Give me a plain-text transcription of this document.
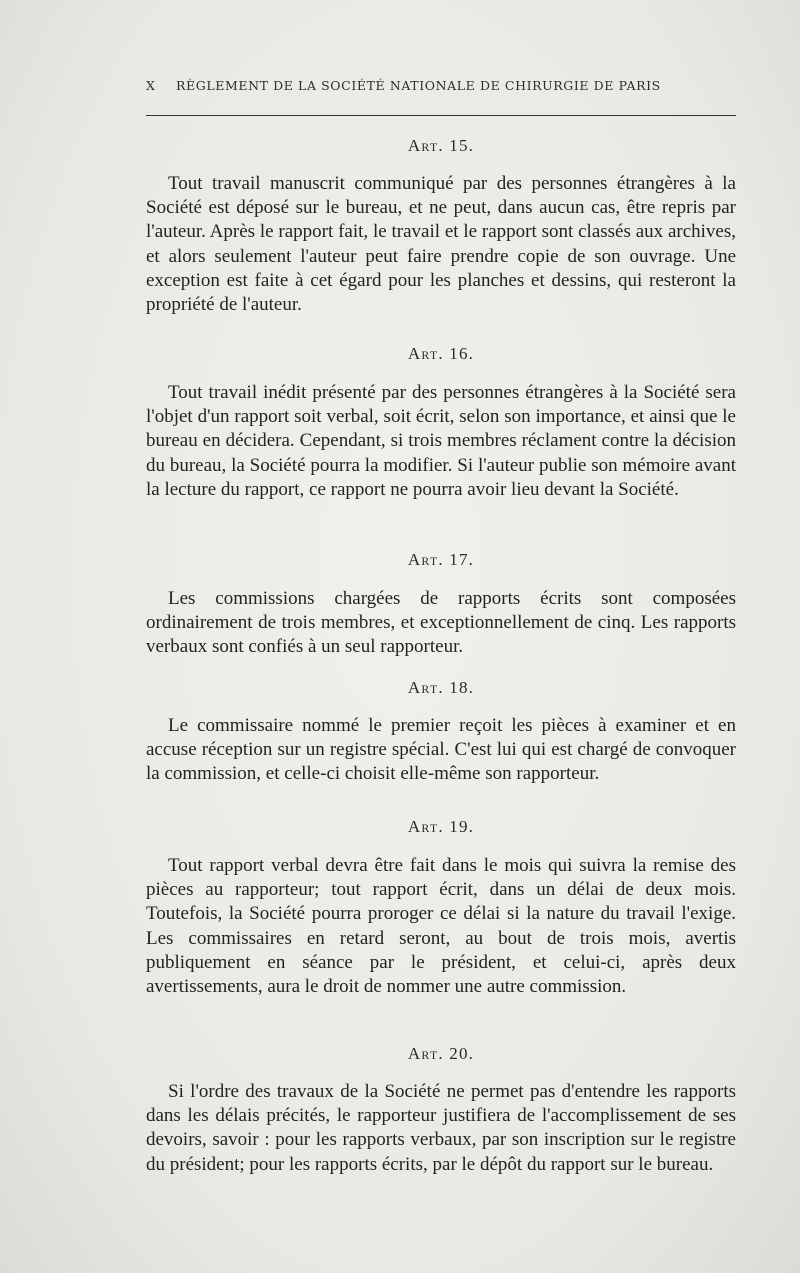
X RÈGLEMENT DE LA SOCIÉTÉ NATIONALE DE CHIRURGIE DE PARIS
Art. 15.

Tout travail manuscrit communiqué par des personnes étrangères à la Société est déposé sur le bureau, et ne peut, dans aucun cas, être repris par l'auteur. Après le rapport fait, le travail et le rapport sont classés aux archives, et alors seulement l'auteur peut faire prendre copie de son ouvrage. Une exception est faite à cet égard pour les planches et dessins, qui resteront la propriété de l'auteur.

Art. 16.

Tout travail inédit présenté par des personnes étrangères à la Société sera l'objet d'un rapport soit verbal, soit écrit, selon son importance, et ainsi que le bureau en décidera. Cependant, si trois membres réclament contre la décision du bureau, la Société pourra la modifier. Si l'auteur publie son mémoire avant la lecture du rapport, ce rapport ne pourra avoir lieu devant la Société.

Art. 17.

Les commissions chargées de rapports écrits sont composées ordinairement de trois membres, et exceptionnellement de cinq. Les rapports verbaux sont confiés à un seul rapporteur.

Art. 18.

Le commissaire nommé le premier reçoit les pièces à examiner et en accuse réception sur un registre spécial. C'est lui qui est chargé de convoquer la commission, et celle-ci choisit elle-même son rapporteur.

Art. 19.

Tout rapport verbal devra être fait dans le mois qui suivra la remise des pièces au rapporteur; tout rapport écrit, dans un délai de deux mois. Toutefois, la Société pourra proroger ce délai si la nature du travail l'exige. Les commissaires en retard seront, au bout de trois mois, avertis publiquement en séance par le président, et celui-ci, après deux avertissements, aura le droit de nommer une autre commission.

Art. 20.

Si l'ordre des travaux de la Société ne permet pas d'entendre les rapports dans les délais précités, le rapporteur justifiera de l'accomplissement de ses devoirs, savoir : pour les rapports verbaux, par son inscription sur le registre du président; pour les rapports écrits, par le dépôt du rapport sur le bureau.
